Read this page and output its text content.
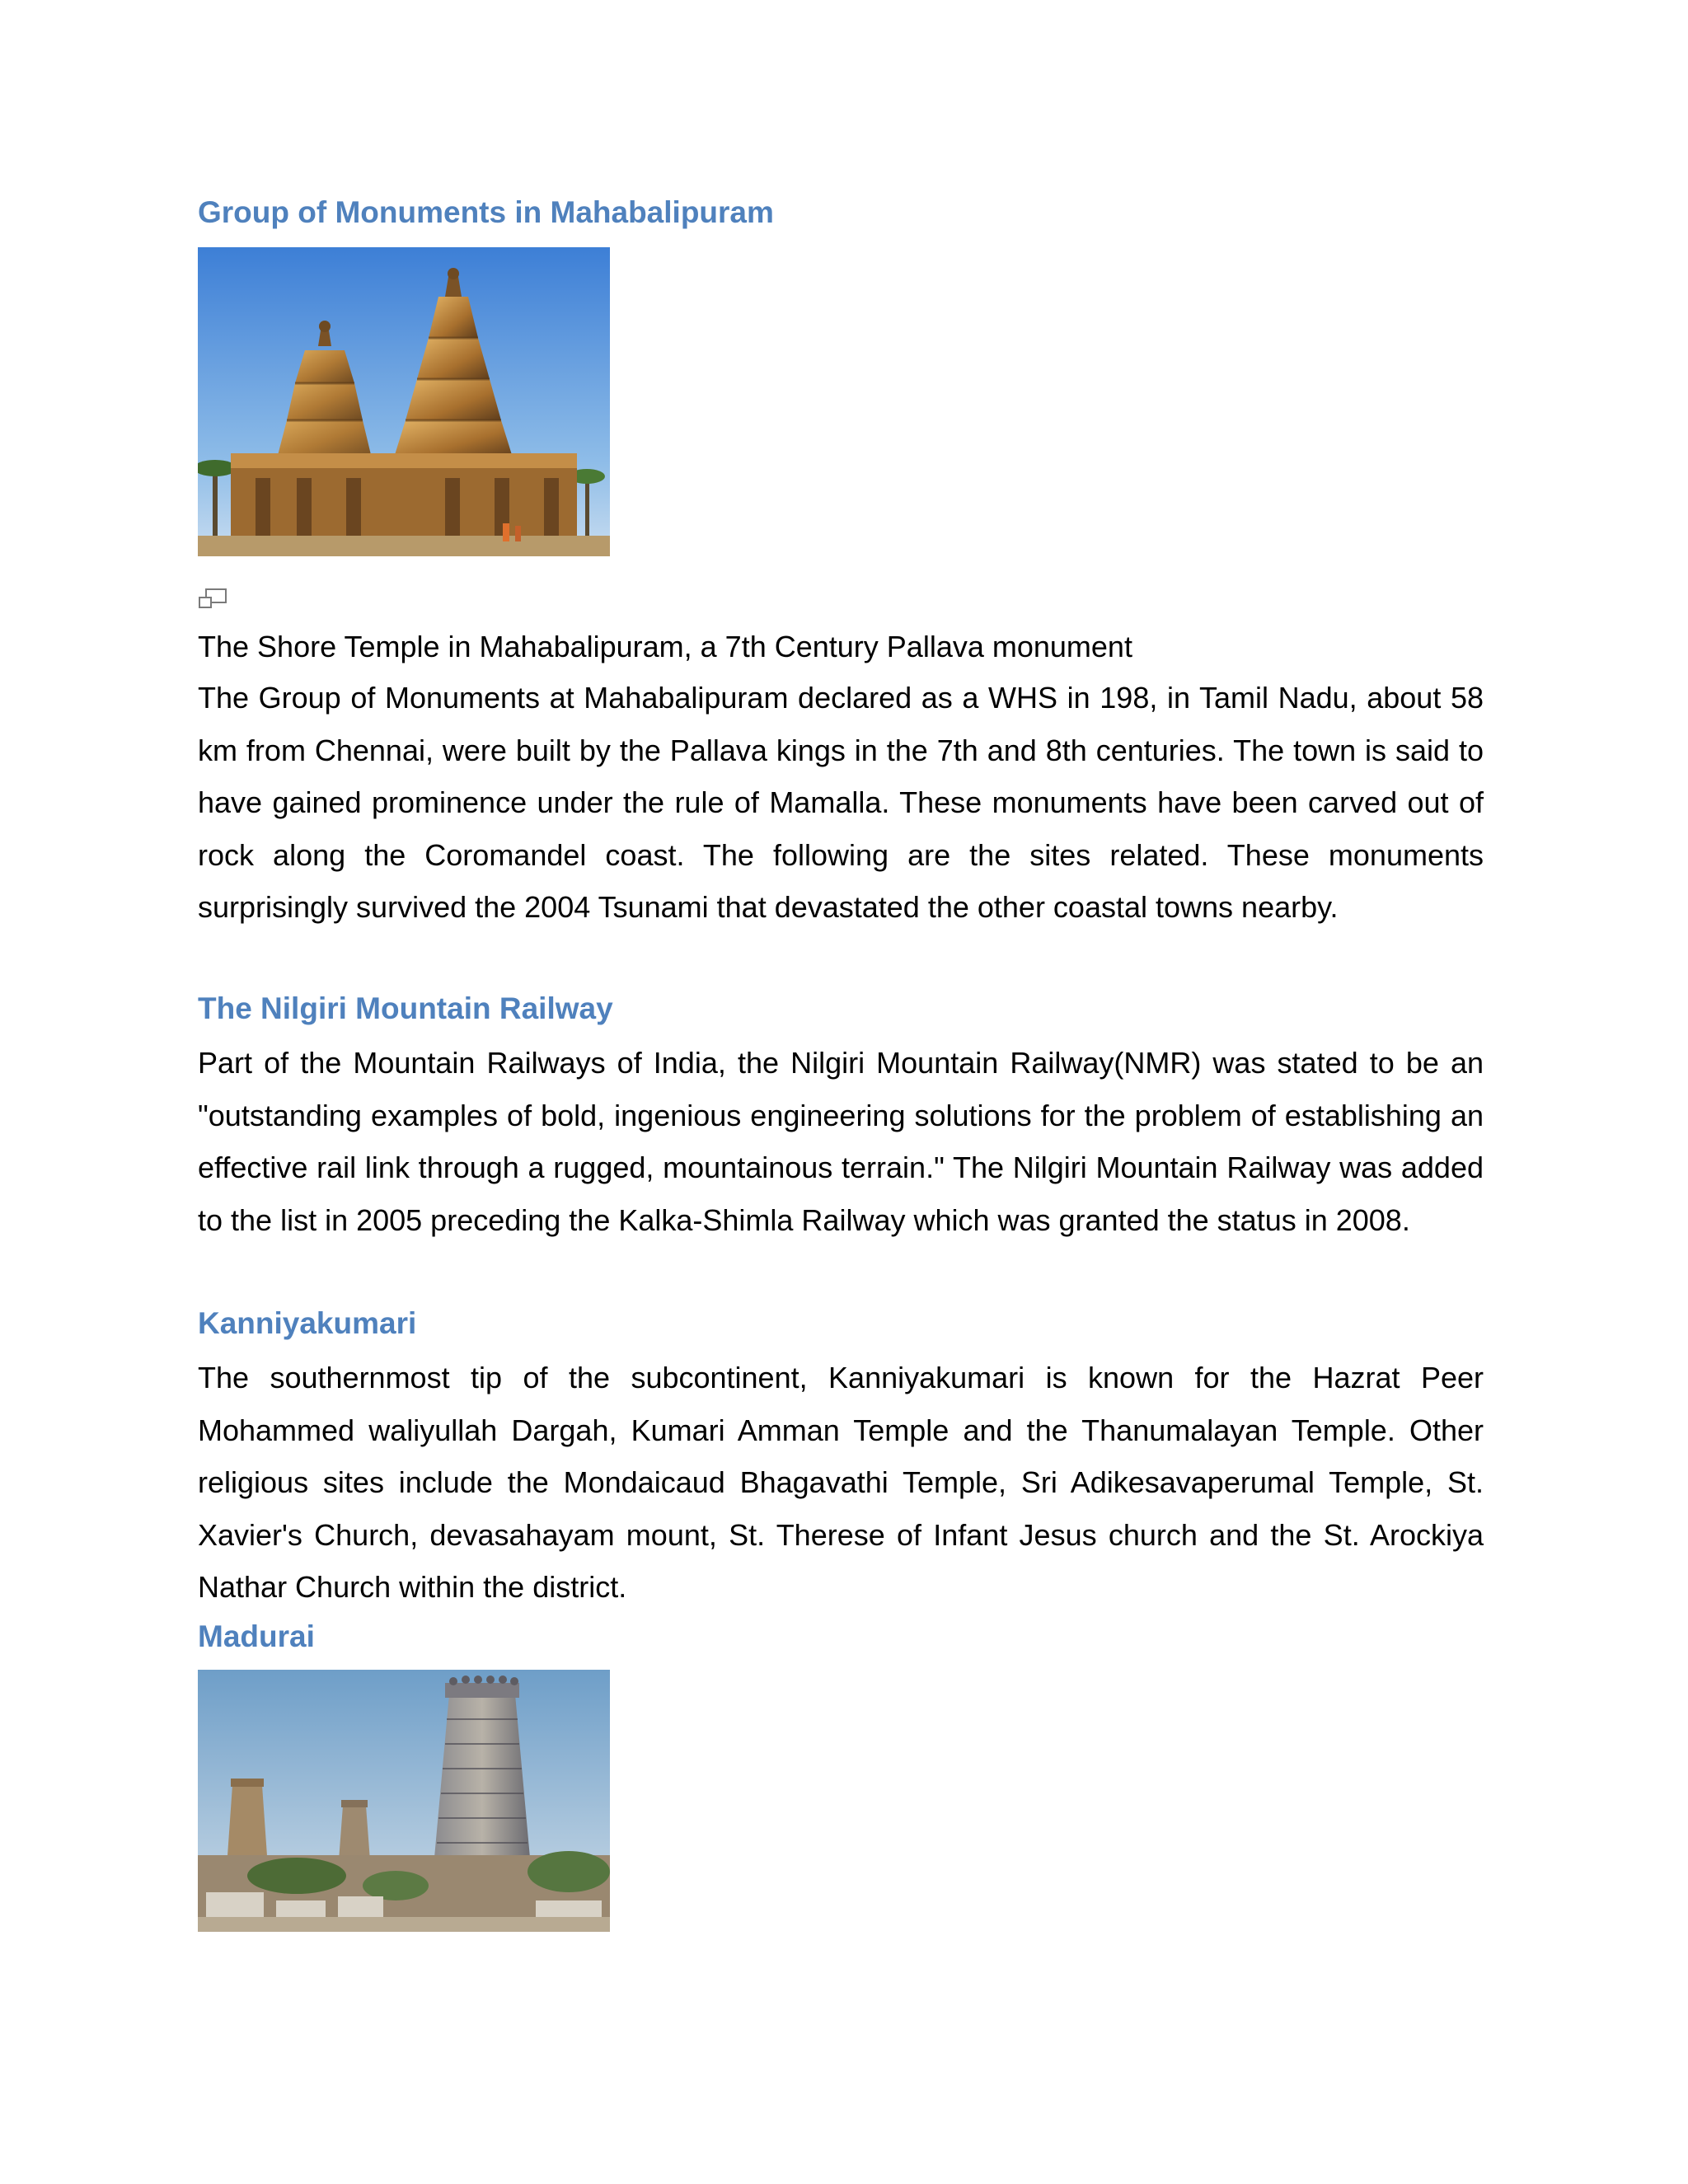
Group of Monuments in Mahabalipuram

The Shore Temple in Mahabalipuram, a 7th Century Pallava monument

The Group of Monuments at Mahabalipuram declared as a WHS in 198, in Tamil Nadu, about 58 km from Chennai, were built by the Pallava kings in the 7th and 8th centuries. The town is said to have gained prominence under the rule of Mamalla. These monuments have been carved out of rock along the Coromandel coast. The following are the sites related. These monuments surprisingly survived the 2004 Tsunami that devastated the other coastal towns nearby.

The Nilgiri Mountain Railway

Part of the Mountain Railways of India, the Nilgiri Mountain Railway(NMR) was stated to be an "outstanding examples of bold, ingenious engineering solutions for the problem of establishing an effective rail link through a rugged, mountainous terrain." The Nilgiri Mountain Railway was added to the list in 2005 preceding the Kalka-Shimla Railway which was granted the status in 2008.

Kanniyakumari

The southernmost tip of the subcontinent, Kanniyakumari is known for the Hazrat Peer Mohammed waliyullah Dargah, Kumari Amman Temple and the Thanumalayan Temple. Other religious sites include the Mondaicaud Bhagavathi Temple, Sri Adikesavaperumal Temple, St. Xavier's Church, devasahayam mount, St. Therese of Infant Jesus church and the St. Arockiya Nathar Church within the district.

Madurai
